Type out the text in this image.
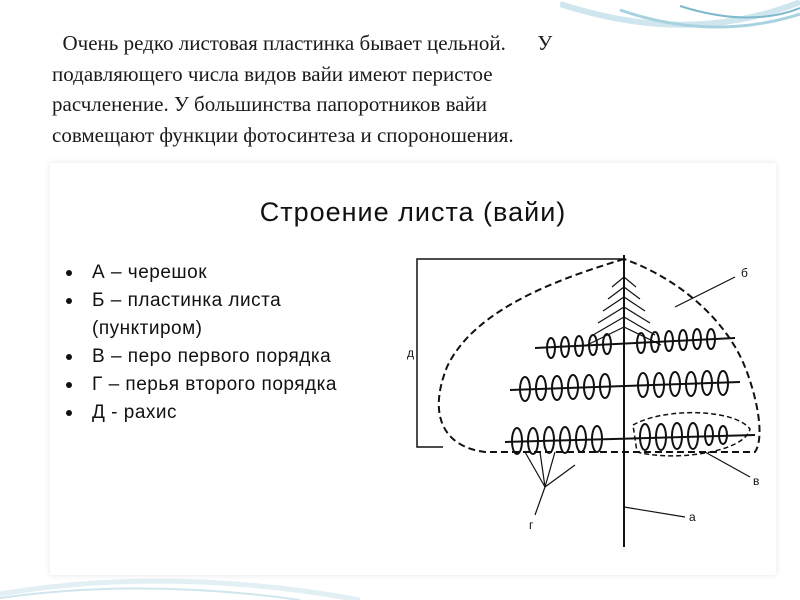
Очень редко листовая пластинка бывает цельной.      У
подавляющего числа видов вайи имеют перистое
расчленение. У большинства папоротников вайи
совмещают функции фотосинтеза и спороношения.
Строение листа (вайи)
А – черешок
Б – пластинка листа (пунктиром)
В – перо первого порядка
Г – перья второго порядка
Д - рахис
д
б
в
а
г
